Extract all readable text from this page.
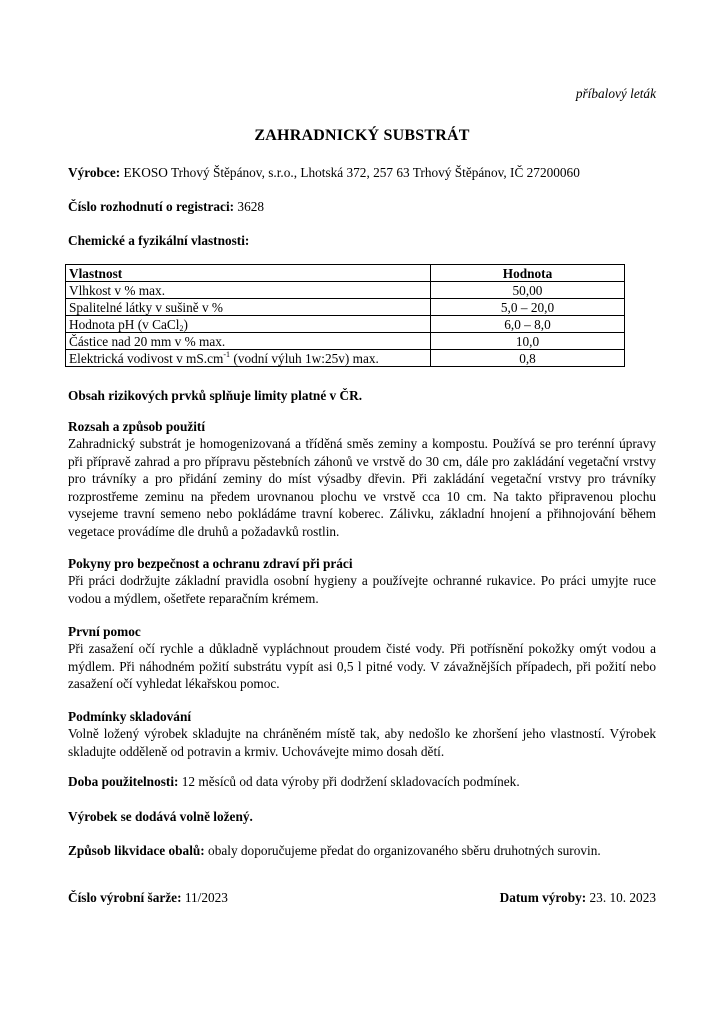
příbalový leták
ZAHRADNICKÝ SUBSTRÁT
Výrobce: EKOSO Trhový Štěpánov, s.r.o., Lhotská 372, 257 63 Trhový Štěpánov, IČ 27200060
Číslo rozhodnutí o registraci: 3628
Chemické a fyzikální vlastnosti:
Vlastnost	Hodnota
Vlhkost v % max.	50,00
Spalitelné látky v sušině v %	5,0 – 20,0
Hodnota pH (v CaCl$_2$)	6,0 – 8,0
Částice nad 20 mm v % max.	10,0
Elektrická vodivost v $mS.cm^{-1}$ (vodní výluh 1w:25v) max.	0,8
Obsah rizikových prvků splňuje limity platné v ČR.
Rozsah a způsob použití
Zahradnický substrát je homogenizovaná a tříděná směs zeminy a kompostu. Používá se pro terénní úpravy při přípravě zahrad a pro přípravu pěstebních záhonů ve vrstvě do 30 cm, dále pro zakládání vegetační vrstvy pro trávníky a pro přidání zeminy do míst výsadby dřevin. Při zakládání vegetační vrstvy pro trávníky rozprostřeme zeminu na předem urovnanou plochu ve vrstvě cca 10 cm. Na takto připravenou plochu vysejeme travní semeno nebo pokládáme travní koberec. Zálivku, základní hnojení a přihnojování během vegetace provádíme dle druhů a požadavků rostlin.
Pokyny pro bezpečnost a ochranu zdraví při práci
Při práci dodržujte základní pravidla osobní hygieny a používejte ochranné rukavice. Po práci umyjte ruce vodou a mýdlem, ošetřete reparačním krémem.
První pomoc
Při zasažení očí rychle a důkladně vypláchnout proudem čisté vody. Při potřísnění pokožky omýt vodou a mýdlem. Při náhodném požití substrátu vypít asi 0,5 l pitné vody. V závažnějších případech, při požití nebo zasažení očí vyhledat lékařskou pomoc.
Podmínky skladování
Volně ložený výrobek skladujte na chráněném místě tak, aby nedošlo ke zhoršení jeho vlastností. Výrobek skladujte odděleně od potravin a krmiv. Uchovávejte mimo dosah dětí.
Doba použitelnosti: 12 měsíců od data výroby při dodržení skladovacích podmínek.
Výrobek se dodává volně ložený.
Způsob likvidace obalů: obaly doporučujeme předat do organizovaného sběru druhotných surovin.
Číslo výrobní šarže: 11/2023	Datum výroby: 23. 10. 2023
